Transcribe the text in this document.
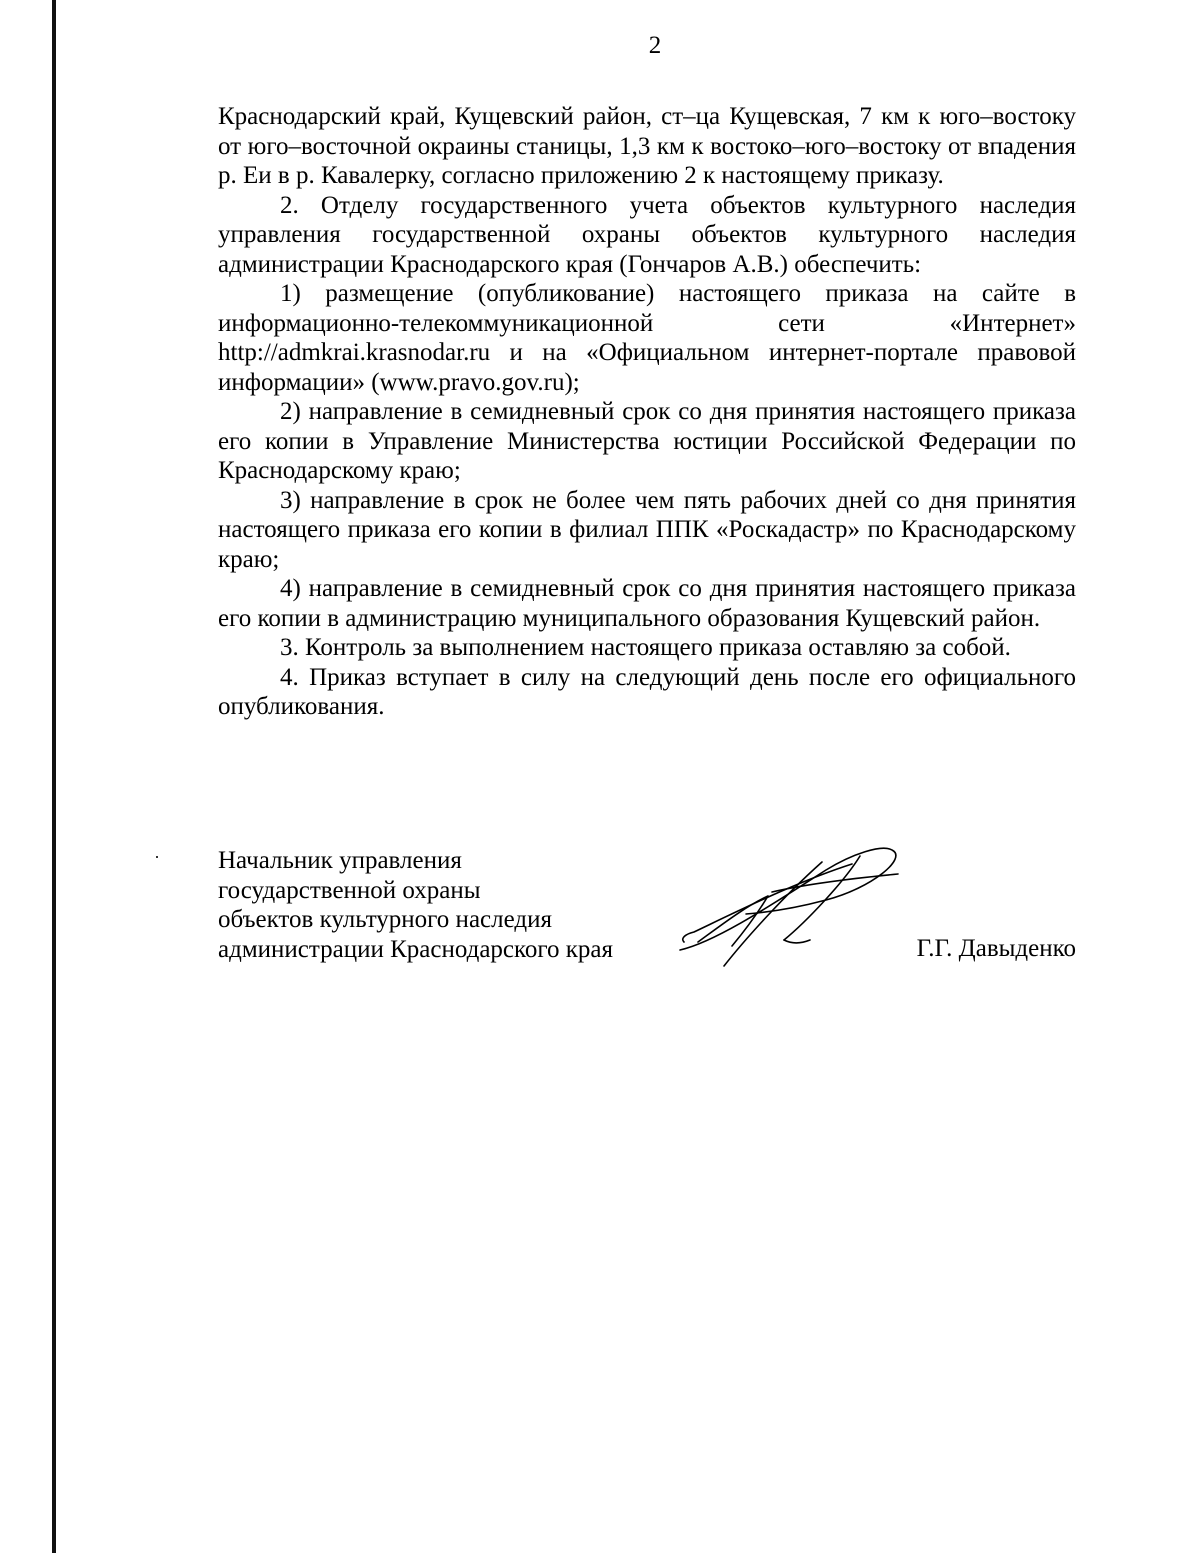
2

Краснодарский край, Кущевский район, ст–ца Кущевская, 7 км к юго–востоку от юго–восточной окраины станицы, 1,3 км к востоко–юго–востоку от впадения р. Еи в р. Кавалерку, согласно приложению 2 к настоящему приказу.

2. Отделу государственного учета объектов культурного наследия управления государственной охраны объектов культурного наследия администрации Краснодарского края (Гончаров А.В.) обеспечить:

1) размещение (опубликование) настоящего приказа на сайте в информационно-телекоммуникационной сети «Интернет» http://admkrai.krasnodar.ru и на «Официальном интернет-портале правовой информации» (www.pravo.gov.ru);

2) направление в семидневный срок со дня принятия настоящего приказа его копии в Управление Министерства юстиции Российской Федерации по Краснодарскому краю;

3) направление в срок не более чем пять рабочих дней со дня принятия настоящего приказа его копии в филиал ППК «Роскадастр» по Краснодарскому краю;

4) направление в семидневный срок со дня принятия настоящего приказа его копии в администрацию муниципального образования Кущевский район.

3. Контроль за выполнением настоящего приказа оставляю за собой.

4. Приказ вступает в силу на следующий день после его официального опубликования.

Начальник управления
государственной охраны
объектов культурного наследия
администрации Краснодарского края	Г.Г. Давыденко
